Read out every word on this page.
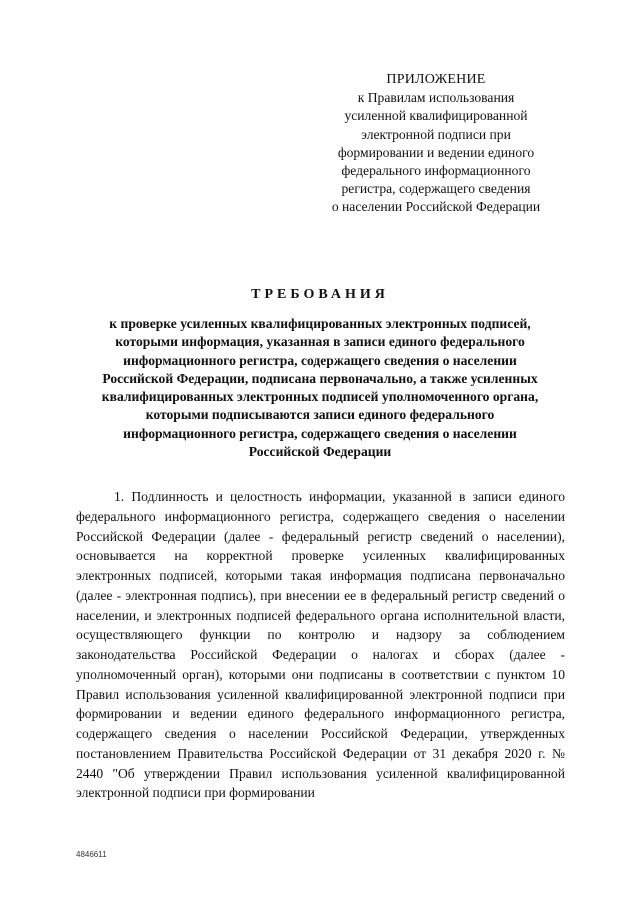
ПРИЛОЖЕНИЕ
к Правилам использования
усиленной квалифицированной
электронной подписи при
формировании и ведении единого
федерального информационного
регистра, содержащего сведения
о населении Российской Федерации
ТРЕБОВАНИЯ
к проверке усиленных квалифицированных электронных подписей,
которыми информация, указанная в записи единого федерального
информационного регистра, содержащего сведения о населении
Российской Федерации, подписана первоначально, а также усиленных
квалифицированных электронных подписей уполномоченного органа,
которыми подписываются записи единого федерального
информационного регистра, содержащего сведения о населении
Российской Федерации

1. Подлинность и целостность информации, указанной в записи единого федерального информационного регистра, содержащего сведения о населении Российской Федерации (далее - федеральный регистр сведений о населении), основывается на корректной проверке усиленных квалифицированных электронных подписей, которыми такая информация подписана первоначально (далее - электронная подпись), при внесении ее в федеральный регистр сведений о населении, и электронных подписей федерального органа исполнительной власти, осуществляющего функции по контролю и надзору за соблюдением законодательства Российской Федерации о налогах и сборах (далее - уполномоченный орган), которыми они подписаны в соответствии с пунктом 10 Правил использования усиленной квалифицированной электронной подписи при формировании и ведении единого федерального информационного регистра, содержащего сведения о населении Российской Федерации, утвержденных постановлением Правительства Российской Федерации от 31 декабря 2020 г. № 2440 "Об утверждении Правил использования усиленной квалифицированной электронной подписи при формировании

4846611
